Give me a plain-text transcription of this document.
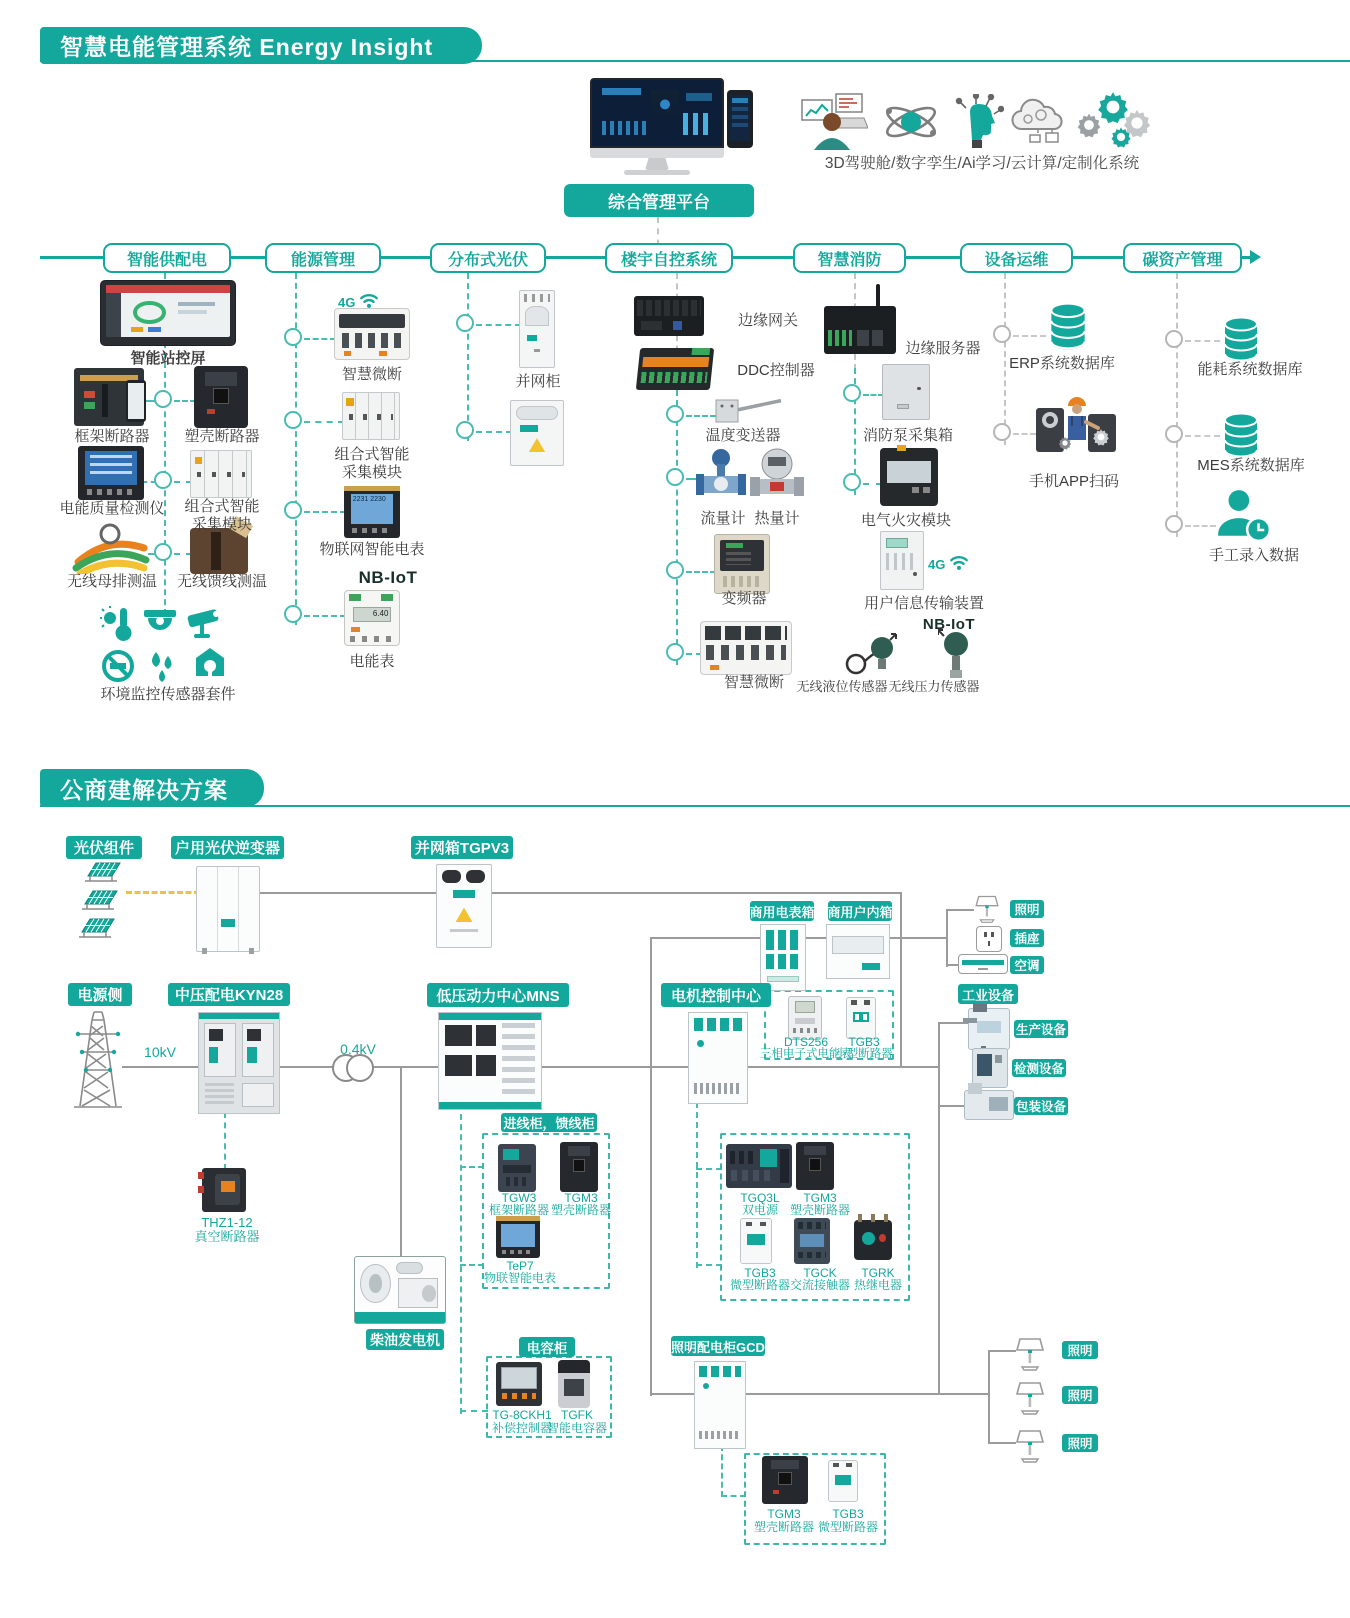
智慧电能管理系统 Energy Insight
综合管理平台
3D驾驶舱/数字孪生/Ai学习/云计算/定制化系统
智能供配电	能源管理	分布式光伏	楼宇自控系统	智慧消防	设备运维	碳资产管理
智能站控屏
框架断路器	塑壳断路器
电能质量检测仪	组合式智能采集模块
无线母排测温	无线馈线测温
环境监控传感器套件
4G
智慧微断
组合式智能采集模块
2231 2230
物联网智能电表
NB-IoT
6.40
电能表
并网柜
边缘网关
DDC控制器
温度变送器
流量计 热量计
变频器
智慧微断
边缘服务器
消防泵采集箱
电气火灾模块
4G
用户信息传输装置
NB-IoT
无线液位传感器 无线压力传感器
ERP系统数据库
手机APP扫码
能耗系统数据库
MES系统数据库
手工录入数据
公商建解决方案
光伏组件	户用光伏逆变器	并网箱TGPV3
商用电表箱 商用户内箱	照明
插座
空调
工业设备
生产设备
检测设备
包装设备
电源侧	中压配电KYN28	低压动力中心MNS	电机控制中心
进线柜，馈线柜
柴油发电机
电容柜	照明配电柜GCD	照明
照明
照明
10kV	0.4kV	DTS256
三相电子式电能表
TGB3
小型断路器
THZ1-12
真空断路器
TGW3
框架断路器
TGM3
塑壳断路器
TeP7
物联智能电表
TG-8CKH1
补偿控制器
TGFK
智能电容器
TGQ3L
双电源
TGM3
塑壳断路器
TGB3
微型断路器
TGCK
交流接触器
TGRK
热继电器
TGM3
塑壳断路器
TGB3
微型断路器
